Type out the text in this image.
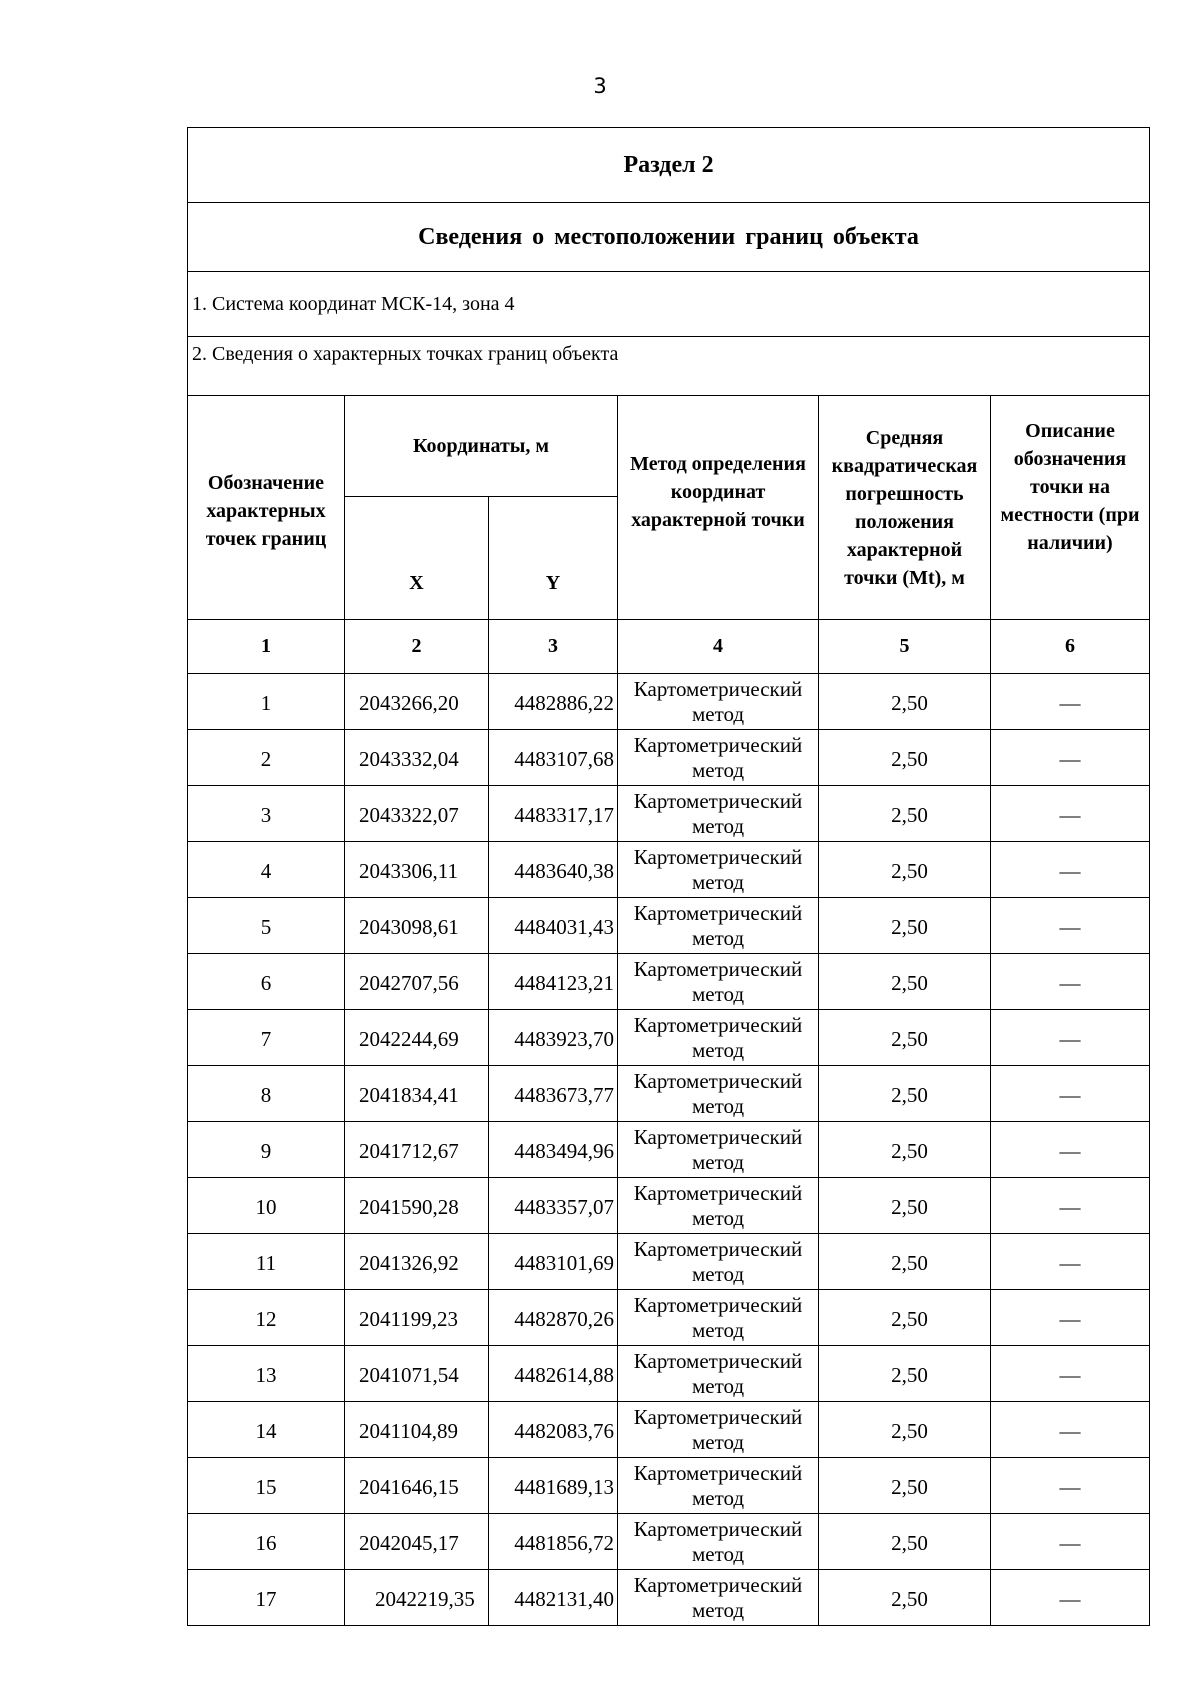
3
Раздел 2					
Сведения о местоположении границ объекта					
1. Система координат МСК-14, зона 4					
2. Сведения о характерных точках границ объекта					
Обозначение характерных точек границ	Координаты, м		Метод определения координат характерной точки	Средняя квадратическая погрешность положения характерной точки (Mt), м	Описание обозначения точки на местности (при наличии)
	X	Y			
1	2	3	4	5	6
1	2043266,20	4482886,22	Картометрический метод	2,50	—
2	2043332,04	4483107,68	Картометрический метод	2,50	—
3	2043322,07	4483317,17	Картометрический метод	2,50	—
4	2043306,11	4483640,38	Картометрический метод	2,50	—
5	2043098,61	4484031,43	Картометрический метод	2,50	—
6	2042707,56	4484123,21	Картометрический метод	2,50	—
7	2042244,69	4483923,70	Картометрический метод	2,50	—
8	2041834,41	4483673,77	Картометрический метод	2,50	—
9	2041712,67	4483494,96	Картометрический метод	2,50	—
10	2041590,28	4483357,07	Картометрический метод	2,50	—
11	2041326,92	4483101,69	Картометрический метод	2,50	—
12	2041199,23	4482870,26	Картометрический метод	2,50	—
13	2041071,54	4482614,88	Картометрический метод	2,50	—
14	2041104,89	4482083,76	Картометрический метод	2,50	—
15	2041646,15	4481689,13	Картометрический метод	2,50	—
16	2042045,17	4481856,72	Картометрический метод	2,50	—
17	2042219,35	4482131,40	Картометрический метод	2,50	—
